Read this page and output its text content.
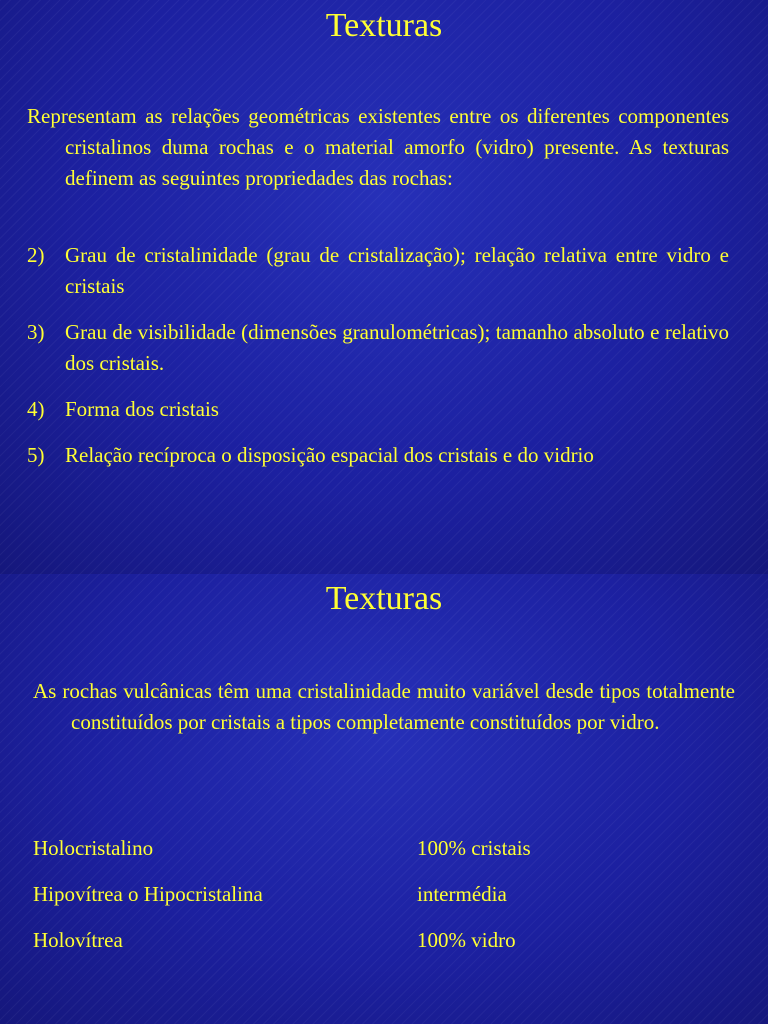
Texturas

Representam as relações geométricas existentes entre os diferentes componentes cristalinos duma rochas e o material amorfo (vidro) presente. As texturas definem as seguintes propriedades das rochas:

2) Grau de cristalinidade (grau de cristalização); relação relativa entre vidro e cristais
3) Grau de visibilidade (dimensões granulométricas); tamanho absoluto e relativo dos cristais.
4) Forma dos cristais
5) Relação recíproca o disposição espacial dos cristais e do vidrio
Texturas

As rochas vulcânicas têm uma cristalinidade muito variável desde tipos totalmente constituídos por cristais a tipos completamente constituídos por vidro.

Holocristalino	100% cristais
Hipovítrea o Hipocristalina	intermédia
Holovítrea	100% vidro
